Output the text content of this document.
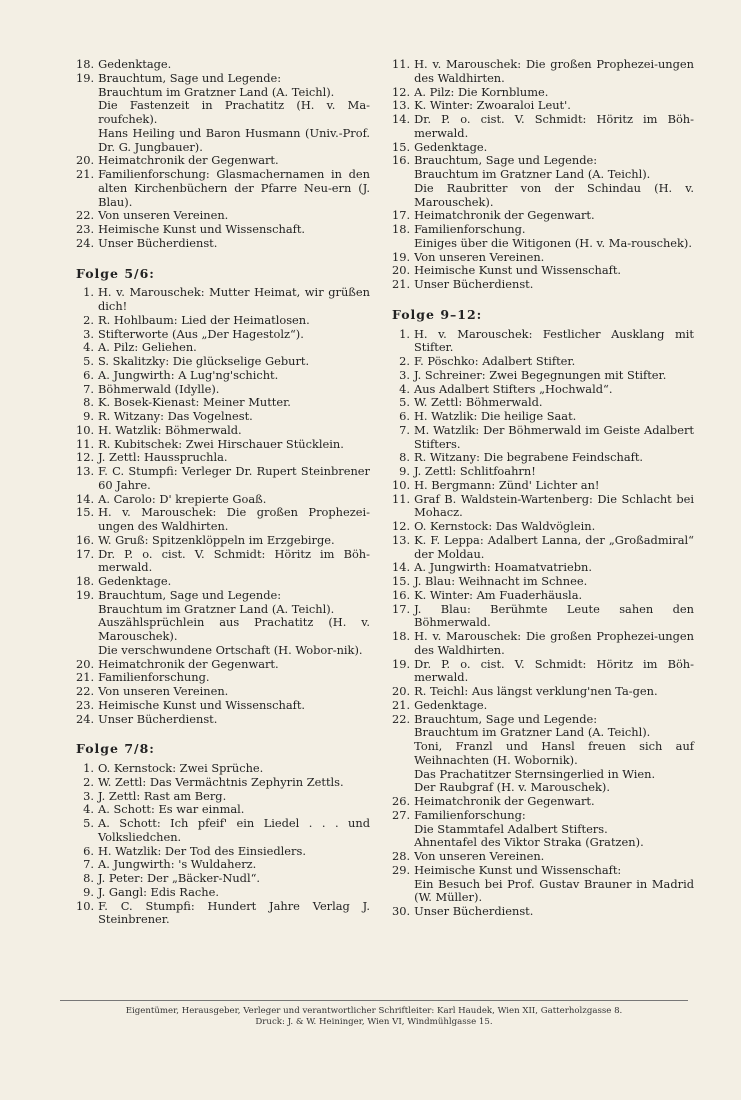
18. Gedenktage.
19. Brauchtum, Sage und Legende:
Brauchtum im Gratzner Land (A. Teichl).
Die Fastenzeit in Prachatitz (H. v. Ma-roufchek).
Hans Heiling und Baron Husmann (Univ.-Prof. Dr. G. Jungbauer).
20. Heimatchronik der Gegenwart.
21. Familienforschung: Glasmachernamen in den alten Kirchenbüchern der Pfarre Neu-ern (J. Blau).
22. Von unseren Vereinen.
23. Heimische Kunst und Wissenschaft.
24. Unser Bücherdienst.
Folge 5/6:
1. H. v. Marouschek: Mutter Heimat, wir grüßen dich!
2. R. Hohlbaum: Lied der Heimatlosen.
3. Stifterworte (Aus „Der Hagestolz“).
4. A. Pilz: Geliehen.
5. S. Skalitzky: Die glückselige Geburt.
6. A. Jungwirth: A Lug'ng'schicht.
7. Böhmerwald (Idylle).
8. K. Bosek-Kienast: Meiner Mutter.
9. R. Witzany: Das Vogelnest.
10. H. Watzlik: Böhmerwald.
11. R. Kubitschek: Zwei Hirschauer Stücklein.
12. J. Zettl: Hausspruchla.
13. F. C. Stumpfi: Verleger Dr. Rupert Steinbrener 60 Jahre.
14. A. Carolo: D' krepierte Goaß.
15. H. v. Marouschek: Die großen Prophezei-ungen des Waldhirten.
16. W. Gruß: Spitzenklöppeln im Erzgebirge.
17. Dr. P. o. cist. V. Schmidt: Höritz im Böh-merwald.
18. Gedenktage.
19. Brauchtum, Sage und Legende:
Brauchtum im Gratzner Land (A. Teichl).
Auszählsprüchlein aus Prachatitz (H. v. Marouschek).
Die verschwundene Ortschaft (H. Wobor-nik).
20. Heimatchronik der Gegenwart.
21. Familienforschung.
22. Von unseren Vereinen.
23. Heimische Kunst und Wissenschaft.
24. Unser Bücherdienst.
Folge 7/8:
1. O. Kernstock: Zwei Sprüche.
2. W. Zettl: Das Vermächtnis Zephyrin Zettls.
3. J. Zettl: Rast am Berg.
4. A. Schott: Es war einmal.
5. A. Schott: Ich pfeif' ein Liedel . . . und Volksliedchen.
6. H. Watzlik: Der Tod des Einsiedlers.
7. A. Jungwirth: 's Wuldaherz.
8. J. Peter: Der „Bäcker-Nudl“.
9. J. Gangl: Edis Rache.
10. F. C. Stumpfi: Hundert Jahre Verlag J. Steinbrener.
11. H. v. Marouschek: Die großen Prophezei-ungen des Waldhirten.
12. A. Pilz: Die Kornblume.
13. K. Winter: Zwoaraloi Leut'.
14. Dr. P. o. cist. V. Schmidt: Höritz im Böh-merwald.
15. Gedenktage.
16. Brauchtum, Sage und Legende:
Brauchtum im Gratzner Land (A. Teichl).
Die Raubritter von der Schindau (H. v. Marouschek).
17. Heimatchronik der Gegenwart.
18. Familienforschung.
Einiges über die Witigonen (H. v. Ma-rouschek).
19. Von unseren Vereinen.
20. Heimische Kunst und Wissenschaft.
21. Unser Bücherdienst.
Folge 9–12:
1. H. v. Marouschek: Festlicher Ausklang mit Stifter.
2. F. Pöschko: Adalbert Stifter.
3. J. Schreiner: Zwei Begegnungen mit Stifter.
4. Aus Adalbert Stifters „Hochwald“.
5. W. Zettl: Böhmerwald.
6. H. Watzlik: Die heilige Saat.
7. M. Watzlik: Der Böhmerwald im Geiste Adalbert Stifters.
8. R. Witzany: Die begrabene Feindschaft.
9. J. Zettl: Schlitfoahrn!
10. H. Bergmann: Zünd' Lichter an!
11. Graf B. Waldstein-Wartenberg: Die Schlacht bei Mohacz.
12. O. Kernstock: Das Waldvöglein.
13. K. F. Leppa: Adalbert Lanna, der „Großadmiral“ der Moldau.
14. A. Jungwirth: Hoamatvatriebn.
15. J. Blau: Weihnacht im Schnee.
16. K. Winter: Am Fuaderhäusla.
17. J. Blau: Berühmte Leute sahen den Böhmerwald.
18. H. v. Marouschek: Die großen Prophezei-ungen des Waldhirten.
19. Dr. P. o. cist. V. Schmidt: Höritz im Böh-merwald.
20. R. Teichl: Aus längst verklung'nen Ta-gen.
21. Gedenktage.
22. Brauchtum, Sage und Legende:
Brauchtum im Gratzner Land (A. Teichl).
Toni, Franzl und Hansl freuen sich auf Weihnachten (H. Wobornik).
Das Prachatitzer Sternsingerlied in Wien.
Der Raubgraf (H. v. Marouschek).
26. Heimatchronik der Gegenwart.
27. Familienforschung:
Die Stammtafel Adalbert Stifters.
Ahnentafel des Viktor Straka (Gratzen).
28. Von unseren Vereinen.
29. Heimische Kunst und Wissenschaft:
Ein Besuch bei Prof. Gustav Brauner in Madrid (W. Müller).
30. Unser Bücherdienst.
Eigentümer, Herausgeber, Verleger und verantwortlicher Schriftleiter: Karl Haudek, Wien XII, Gatterholzgasse 8.
Druck: J. & W. Heininger, Wien VI, Windmühlgasse 15.
